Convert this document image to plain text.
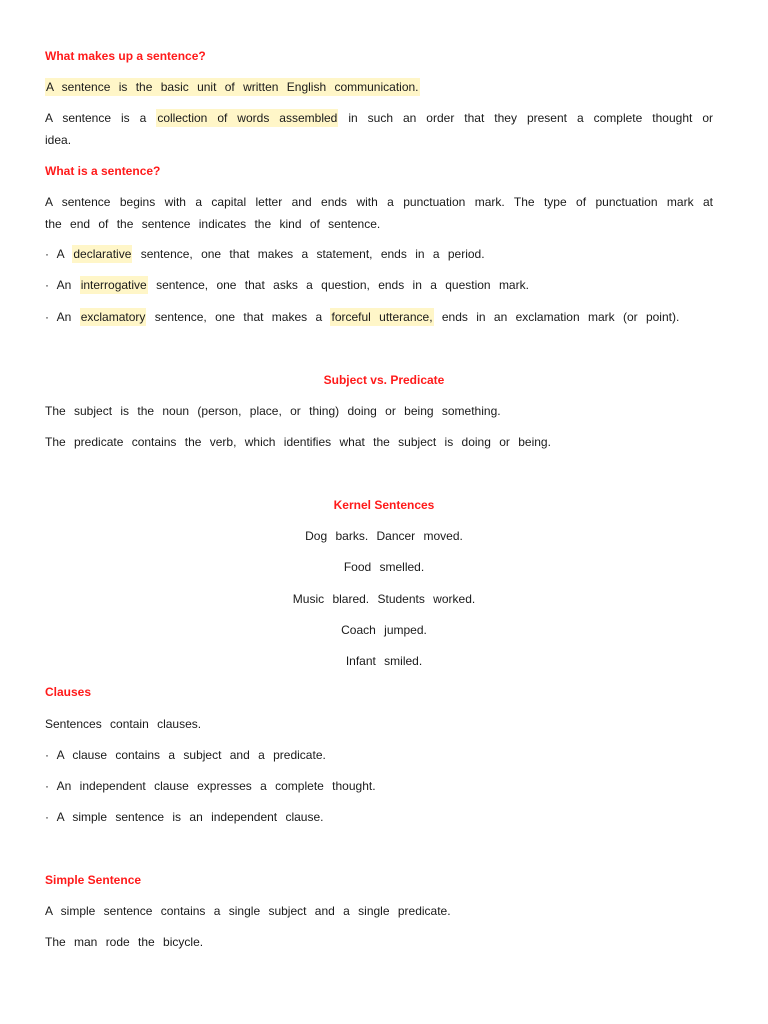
What makes up a sentence?
A sentence is the basic unit of written English communication.
A sentence is a collection of words assembled in such an order that they present a complete thought or
idea.
What is a sentence?
A sentence begins with a capital letter and ends with a punctuation mark. The type of punctuation mark at
the end of the sentence indicates the kind of sentence.
· A declarative sentence, one that makes a statement, ends in a period.
· An interrogative sentence, one that asks a question, ends in a question mark.
· An exclamatory sentence, one that makes a forceful utterance, ends in an exclamation mark (or point).
Subject vs. Predicate
The subject is the noun (person, place, or thing) doing or being something.
The predicate contains the verb, which identifies what the subject is doing or being.
Kernel Sentences
Dog barks. Dancer moved.
Food smelled.
Music blared. Students worked.
Coach jumped.
Infant smiled.
Clauses
Sentences contain clauses.
· A clause contains a subject and a predicate.
· An independent clause expresses a complete thought.
· A simple sentence is an independent clause.
Simple Sentence
A simple sentence contains a single subject and a single predicate.
The man rode the bicycle.
